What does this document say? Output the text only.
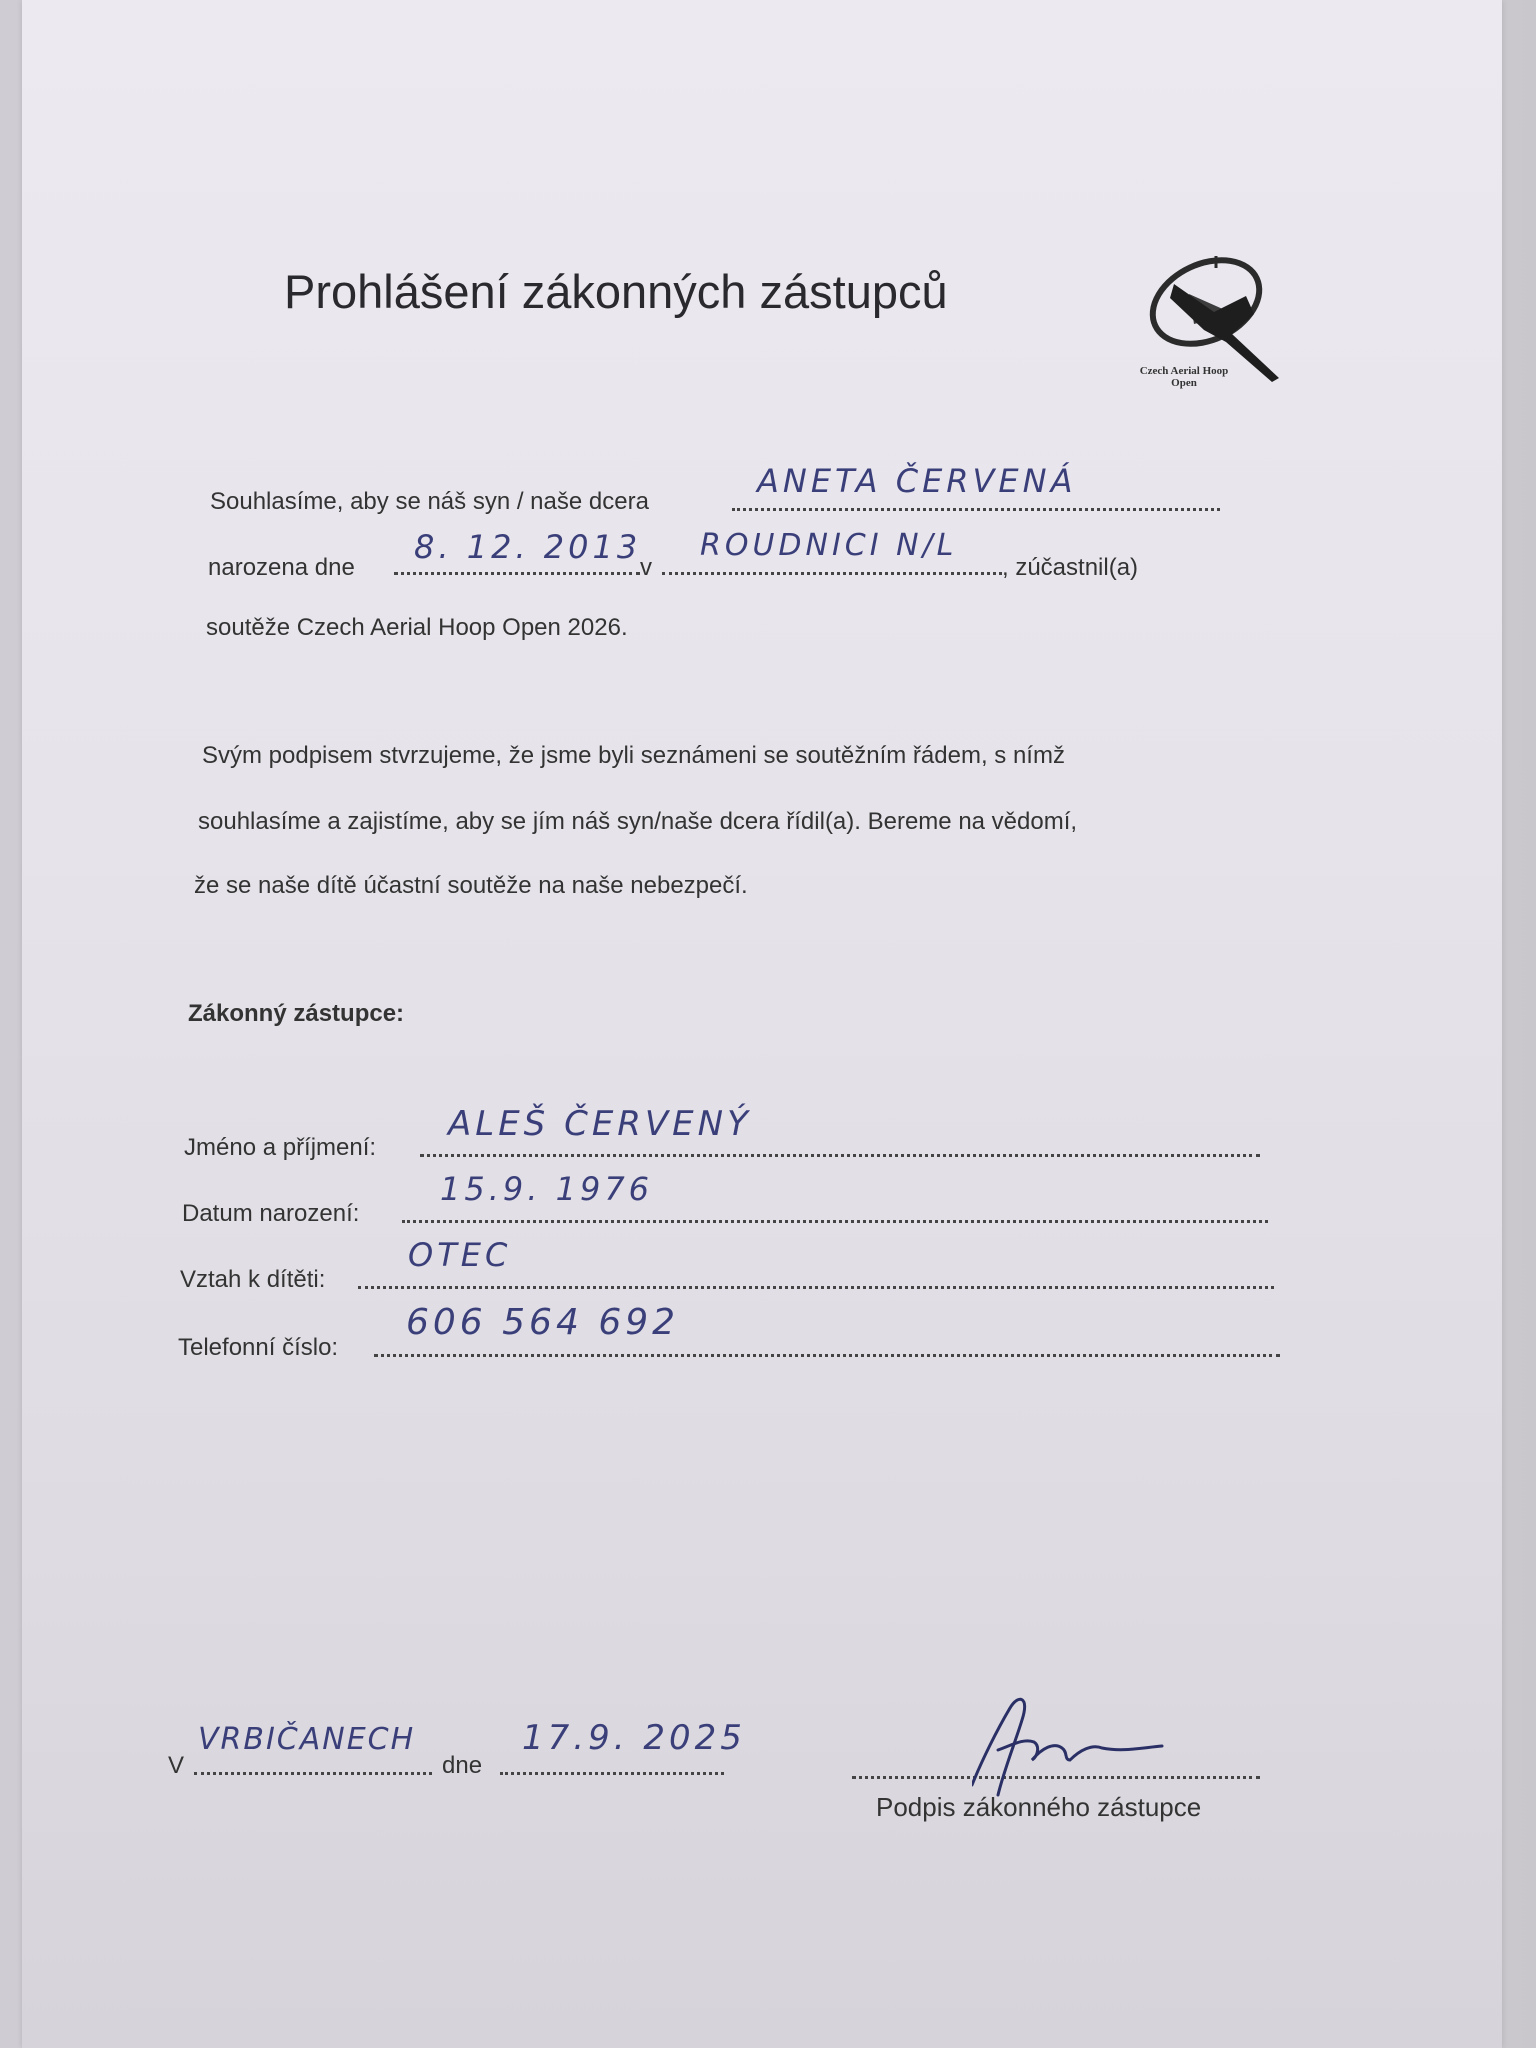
Prohlášení zákonných zástupců
Czech Aerial Hoop Open
Souhlasíme, aby se náš syn / naše dcera
ANETA ČERVENÁ
narozena dne
8. 12. 2013
v
ROUDNICI N/L
, zúčastnil(a)
soutěže Czech Aerial Hoop Open 2026.
Svým podpisem stvrzujeme, že jsme byli seznámeni se soutěžním řádem, s nímž
souhlasíme a zajistíme, aby se jím náš syn/naše dcera řídil(a). Bereme na vědomí,
že se naše dítě účastní soutěže na naše nebezpečí.
Zákonný zástupce:
Jméno a příjmení:
ALEŠ ČERVENÝ
Datum narození:
15.9. 1976
Vztah k dítěti:
OTEC
Telefonní číslo:
606 564 692
V
VRBIČANECH
dne
17.9. 2025
Podpis zákonného zástupce
